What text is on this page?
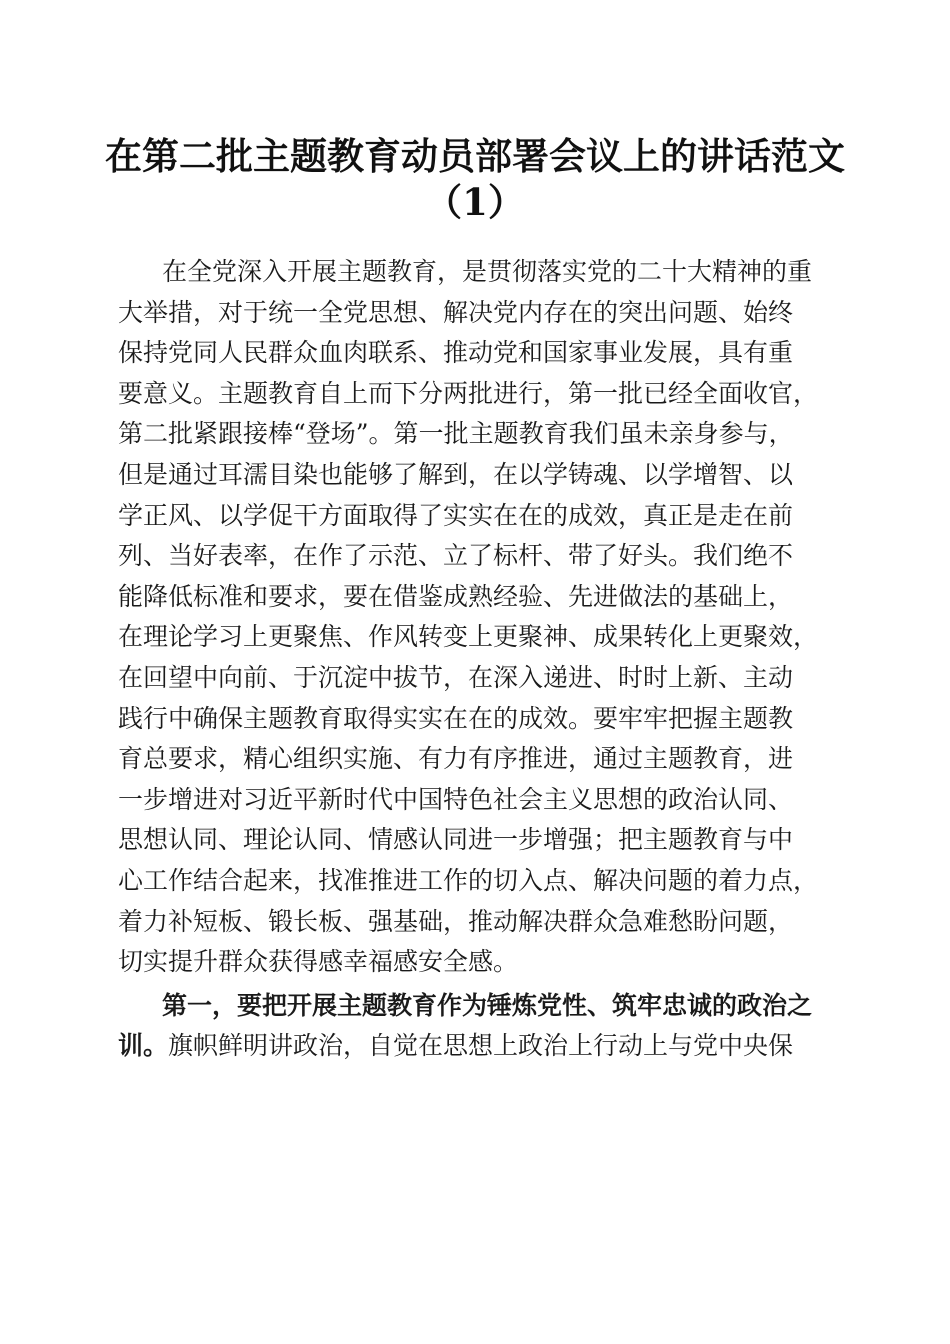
在第二批主题教育动员部署会议上的讲话范文
（1）
在全党深入开展主题教育，是贯彻落实党的二十大精神的重
大举措，对于统一全党思想、解决党内存在的突出问题、始终
保持党同人民群众血肉联系、推动党和国家事业发展，具有重
要意义。主题教育自上而下分两批进行，第一批已经全面收官，
第二批紧跟接棒“登场”。第一批主题教育我们虽未亲身参与，
但是通过耳濡目染也能够了解到，在以学铸魂、以学增智、以
学正风、以学促干方面取得了实实在在的成效，真正是走在前
列、当好表率，在作了示范、立了标杆、带了好头。我们绝不
能降低标准和要求，要在借鉴成熟经验、先进做法的基础上，
在理论学习上更聚焦、作风转变上更聚神、成果转化上更聚效，
在回望中向前、于沉淀中拔节，在深入递进、时时上新、主动
践行中确保主题教育取得实实在在的成效。要牢牢把握主题教
育总要求，精心组织实施、有力有序推进，通过主题教育，进
一步增进对习近平新时代中国特色社会主义思想的政治认同、
思想认同、理论认同、情感认同进一步增强；把主题教育与中
心工作结合起来，找准推进工作的切入点、解决问题的着力点，
着力补短板、锻长板、强基础，推动解决群众急难愁盼问题，
切实提升群众获得感幸福感安全感。
第一，要把开展主题教育作为锤炼党性、筑牢忠诚的政治之
训。旗帜鲜明讲政治，自觉在思想上政治上行动上与党中央保
